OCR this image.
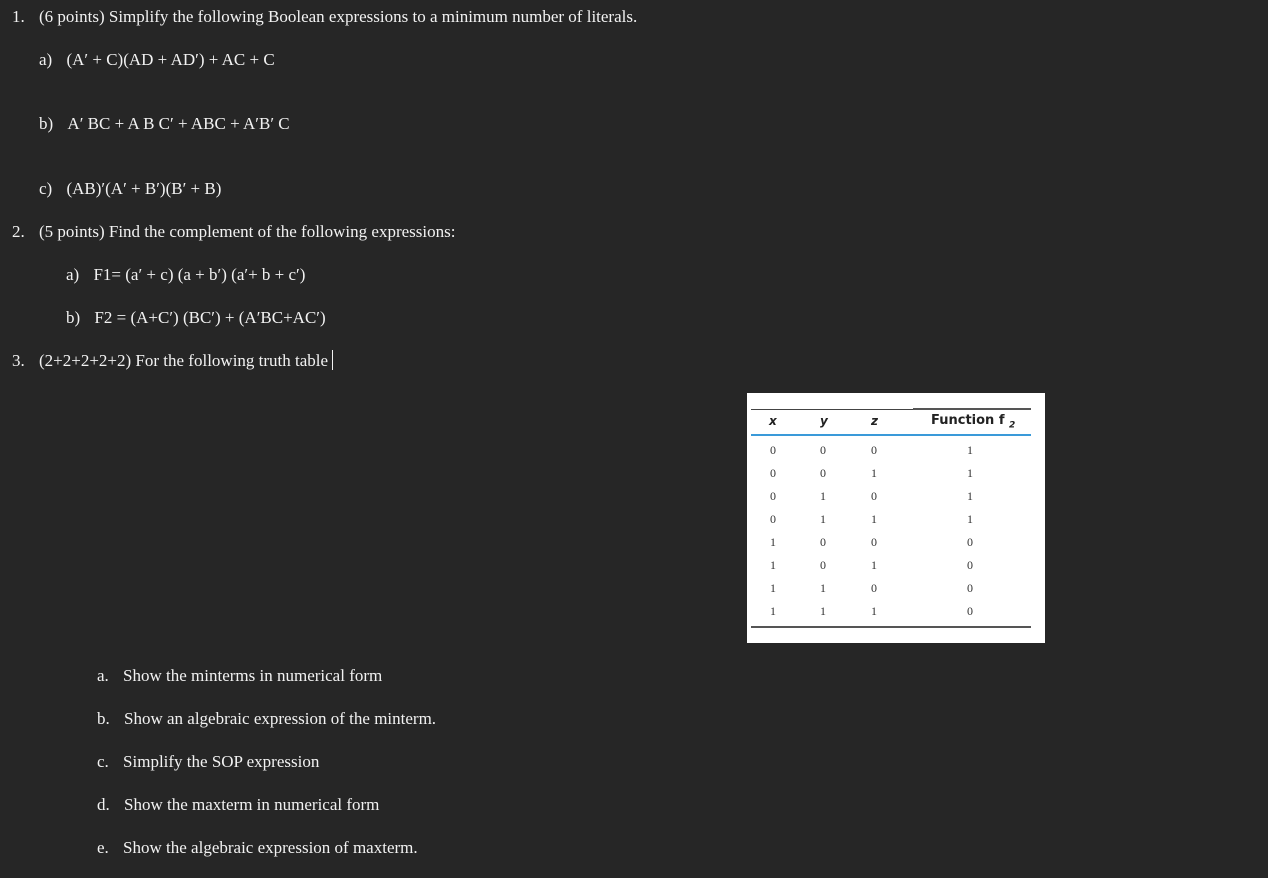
1. (6 points) Simplify the following Boolean expressions to a minimum number of literals.
a) (A′ + C)(AD + AD′) + AC + C
b) A′ BC + A B C′ + ABC + A′B′ C
c) (AB)′(A′ + B′)(B′ + B)
2. (5 points) Find the complement of the following expressions:
a) F1= (a′ + c) (a + b′) (a′+ b + c′)
b) F2 = (A+C′) (BC′) + (A′BC+AC′)
3. (2+2+2+2+2) For the following truth table
x	y	z	Function f $_2$
0	0	0	1
0	0	1	1
0	1	0	1
0	1	1	1
1	0	0	0
1	0	1	0
1	1	0	0
1	1	1	0
a. Show the minterms in numerical form
b. Show an algebraic expression of the minterm.
c. Simplify the SOP expression
d. Show the maxterm in numerical form
e. Show the algebraic expression of maxterm.
